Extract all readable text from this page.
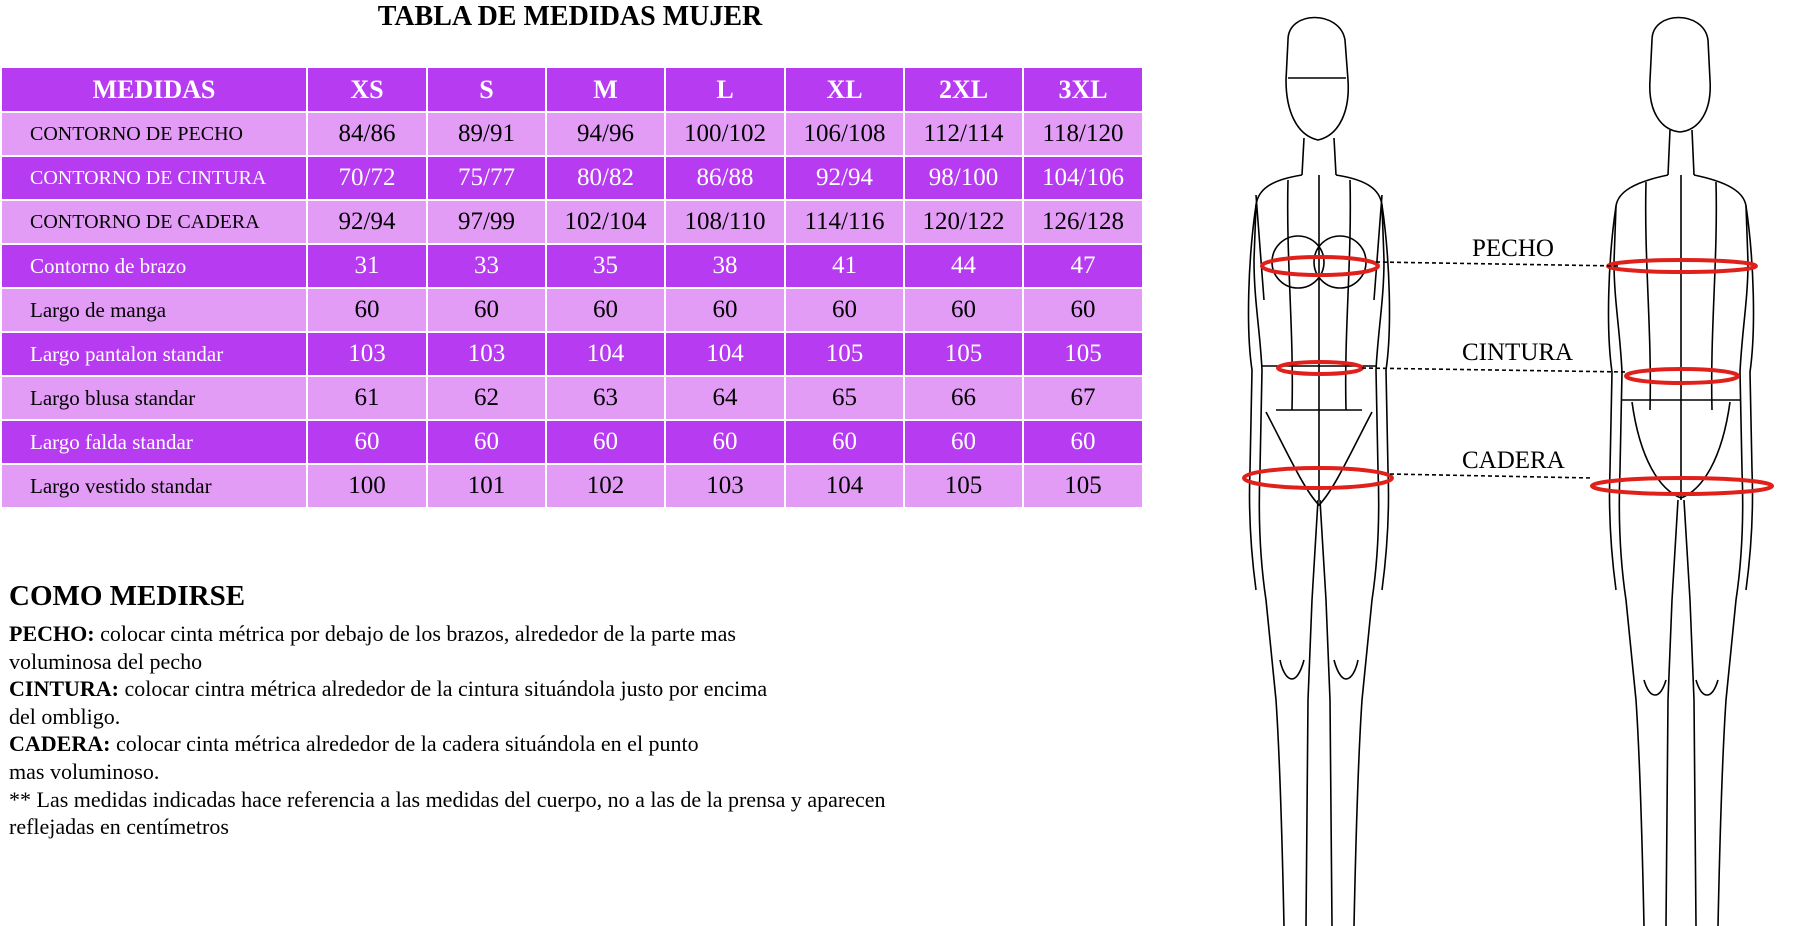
TABLA DE MEDIDAS MUJER
MEDIDAS	XS	S	M	L	XL	2XL	3XL
CONTORNO DE PECHO	84/86	89/91	94/96	100/102	106/108	112/114	118/120
CONTORNO DE CINTURA	70/72	75/77	80/82	86/88	92/94	98/100	104/106
CONTORNO DE CADERA	92/94	97/99	102/104	108/110	114/116	120/122	126/128
Contorno de brazo	31	33	35	38	41	44	47
Largo de manga	60	60	60	60	60	60	60
Largo pantalon standar	103	103	104	104	105	105	105
Largo blusa standar	61	62	63	64	65	66	67
Largo falda standar	60	60	60	60	60	60	60
Largo vestido standar	100	101	102	103	104	105	105
COMO MEDIRSE

PECHO: colocar cinta métrica por debajo de los brazos, alrededor de la parte mas

voluminosa del pecho

CINTURA: colocar cintra métrica alrededor de la cintura situándola justo por encima

del ombligo.

CADERA: colocar cinta métrica alrededor de la cadera situándola en el punto

mas voluminoso.

** Las medidas indicadas hace referencia a las medidas del cuerpo, no a las de la prensa y aparecen

reflejadas en centímetros

PECHO
CINTURA
CADERA
